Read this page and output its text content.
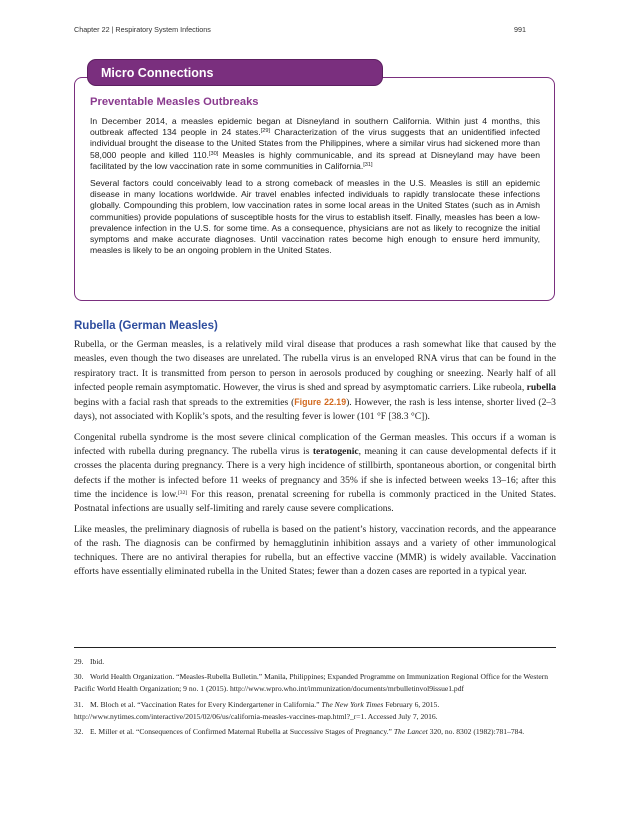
Chapter 22 | Respiratory System Infections	991
Micro Connections
Preventable Measles Outbreaks

In December 2014, a measles epidemic began at Disneyland in southern California. Within just 4 months, this outbreak affected 134 people in 24 states.[29] Characterization of the virus suggests that an unidentified infected individual brought the disease to the United States from the Philippines, where a similar virus had sickened more than 58,000 people and killed 110.[30] Measles is highly communicable, and its spread at Disneyland may have been facilitated by the low vaccination rate in some communities in California.[31]

Several factors could conceivably lead to a strong comeback of measles in the U.S. Measles is still an epidemic disease in many locations worldwide. Air travel enables infected individuals to rapidly translocate these infections globally. Compounding this problem, low vaccination rates in some local areas in the United States (such as in Amish communities) provide populations of susceptible hosts for the virus to establish itself. Finally, measles has been a low-prevalence infection in the U.S. for some time. As a consequence, physicians are not as likely to recognize the initial symptoms and make accurate diagnoses. Until vaccination rates become high enough to ensure herd immunity, measles is likely to be an ongoing problem in the United States.

Rubella (German Measles)

Rubella, or the German measles, is a relatively mild viral disease that produces a rash somewhat like that caused by the measles, even though the two diseases are unrelated. The rubella virus is an enveloped RNA virus that can be found in the respiratory tract. It is transmitted from person to person in aerosols produced by coughing or sneezing. Nearly half of all infected people remain asymptomatic. However, the virus is shed and spread by asymptomatic carriers. Like rubeola, rubella begins with a facial rash that spreads to the extremities (Figure 22.19). However, the rash is less intense, shorter lived (2–3 days), not associated with Koplik’s spots, and the resulting fever is lower (101 °F [38.3 °C]).

Congenital rubella syndrome is the most severe clinical complication of the German measles. This occurs if a woman is infected with rubella during pregnancy. The rubella virus is teratogenic, meaning it can cause developmental defects if it crosses the placenta during pregnancy. There is a very high incidence of stillbirth, spontaneous abortion, or congenital birth defects if the mother is infected before 11 weeks of pregnancy and 35% if she is infected between weeks 13–16; after this time the incidence is low.[32] For this reason, prenatal screening for rubella is commonly practiced in the United States. Postnatal infections are usually self-limiting and rarely cause severe complications.

Like measles, the preliminary diagnosis of rubella is based on the patient’s history, vaccination records, and the appearance of the rash. The diagnosis can be confirmed by hemagglutinin inhibition assays and a variety of other immunological techniques. There are no antiviral therapies for rubella, but an effective vaccine (MMR) is widely available. Vaccination efforts have essentially eliminated rubella in the United States; fewer than a dozen cases are reported in a typical year.

29. Ibid.

30. World Health Organization. “Measles-Rubella Bulletin.” Manila, Philippines; Expanded Programme on Immunization Regional Office for the Western Pacific World Health Organization; 9 no. 1 (2015). http://www.wpro.who.int/immunization/documents/mrbulletinvol9issue1.pdf

31. M. Bloch et al. “Vaccination Rates for Every Kindergartener in California.” The New York Times February 6, 2015. http://www.nytimes.com/interactive/2015/02/06/us/california-measles-vaccines-map.html?_r=1. Accessed July 7, 2016.

32. E. Miller et al. “Consequences of Confirmed Maternal Rubella at Successive Stages of Pregnancy.” The Lancet 320, no. 8302 (1982):781–784.
